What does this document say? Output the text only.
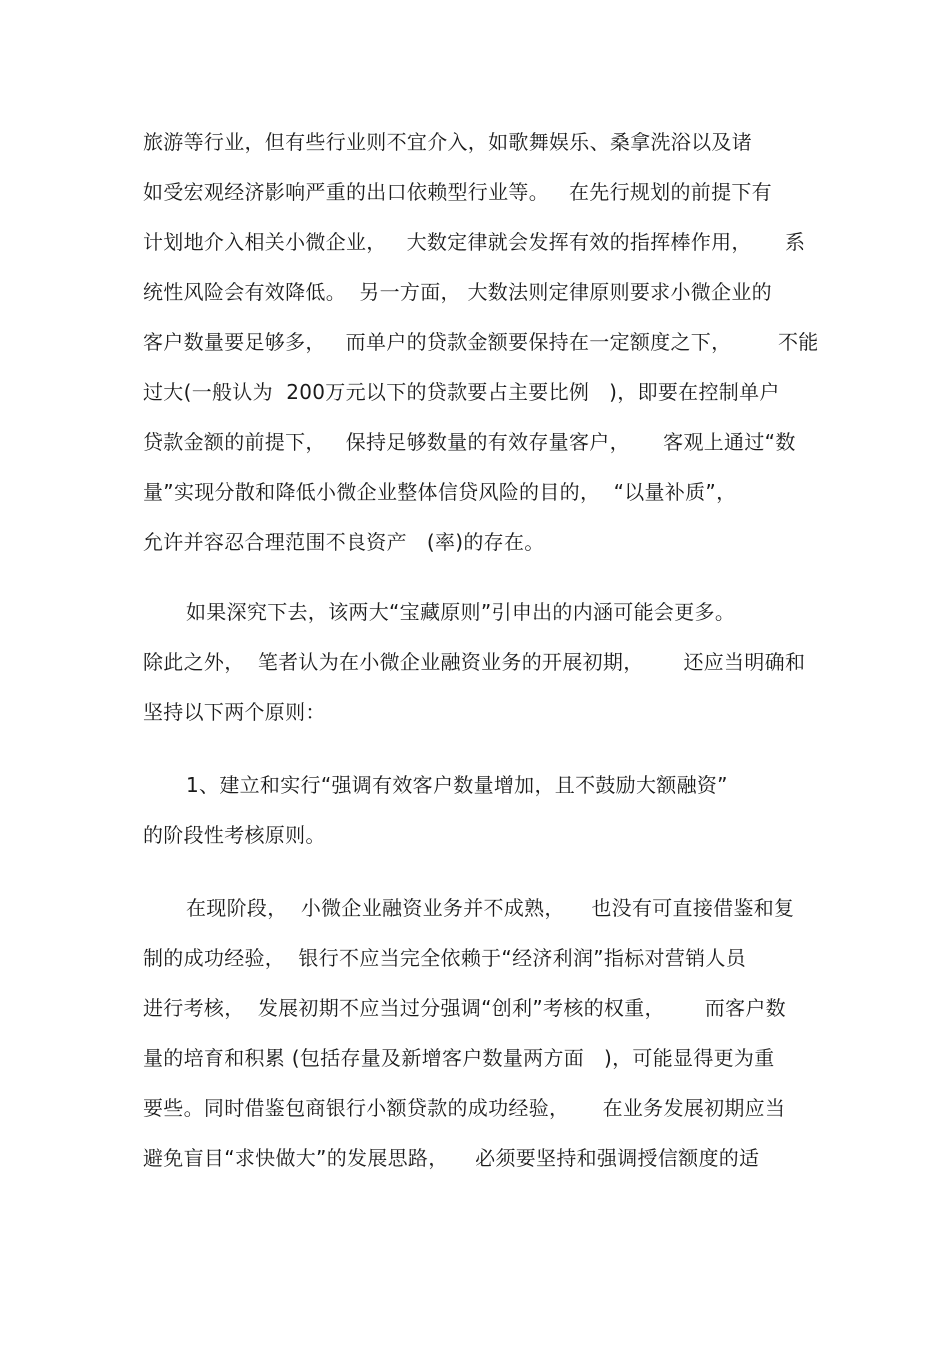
旅游等行业，但有些行业则不宜介入，如歌舞娱乐、桑拿洗浴以及诸
如受宏观经济影响严重的出口依赖型行业等。   在先行规划的前提下有
计划地介入相关小微企业，   大数定律就会发挥有效的指挥棒作用，     系
统性风险会有效降低。  另一方面， 大数法则定律原则要求小微企业的
客户数量要足够多，   而单户的贷款金额要保持在一定额度之下，       不能
过大(一般认为  200万元以下的贷款要占主要比例   )，即要在控制单户
贷款金额的前提下，   保持足够数量的有效存量客户，     客观上通过“数
量”实现分散和降低小微企业整体信贷风险的目的，  “以量补质”，
允许并容忍合理范围不良资产   (率)的存在。
如果深究下去，该两大“宝藏原则”引申出的内涵可能会更多。
除此之外，  笔者认为在小微企业融资业务的开展初期，      还应当明确和
坚持以下两个原则：
1、建立和实行“强调有效客户数量增加，且不鼓励大额融资”
的阶段性考核原则。
在现阶段，  小微企业融资业务并不成熟，    也没有可直接借鉴和复
制的成功经验，  银行不应当完全依赖于“经济利润”指标对营销人员
进行考核，  发展初期不应当过分强调“创利”考核的权重，      而客户数
量的培育和积累 (包括存量及新增客户数量两方面   )，可能显得更为重
要些。同时借鉴包商银行小额贷款的成功经验，     在业务发展初期应当
避免盲目“求快做大”的发展思路，    必须要坚持和强调授信额度的适
